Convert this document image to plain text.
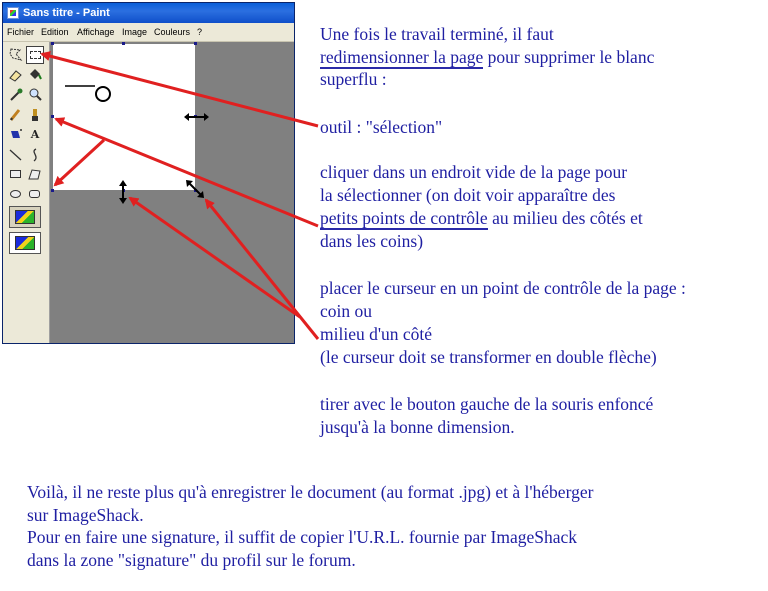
Sans titre - Paint
Fichier Edition Affichage Image Couleurs ?
A
Une fois le travail terminé, il faut
redimensionner la page pour supprimer le blanc
superflu :
outil : "sélection"
cliquer dans un endroit vide de la page pour
la sélectionner (on doit voir apparaître des
petits points de contrôle au milieu des côtés et
dans les coins)
placer le curseur en un point de contrôle de la page :
coin ou
milieu d'un côté
(le curseur doit se transformer en double flèche)
tirer avec le bouton gauche de la souris enfoncé
jusqu'à la bonne dimension.
Voilà, il ne reste plus qu'à enregistrer le document (au format .jpg) et à l'héberger
sur ImageShack.
Pour en faire une signature, il suffit de copier l'U.R.L. fournie par ImageShack
dans la zone "signature" du profil sur le forum.
